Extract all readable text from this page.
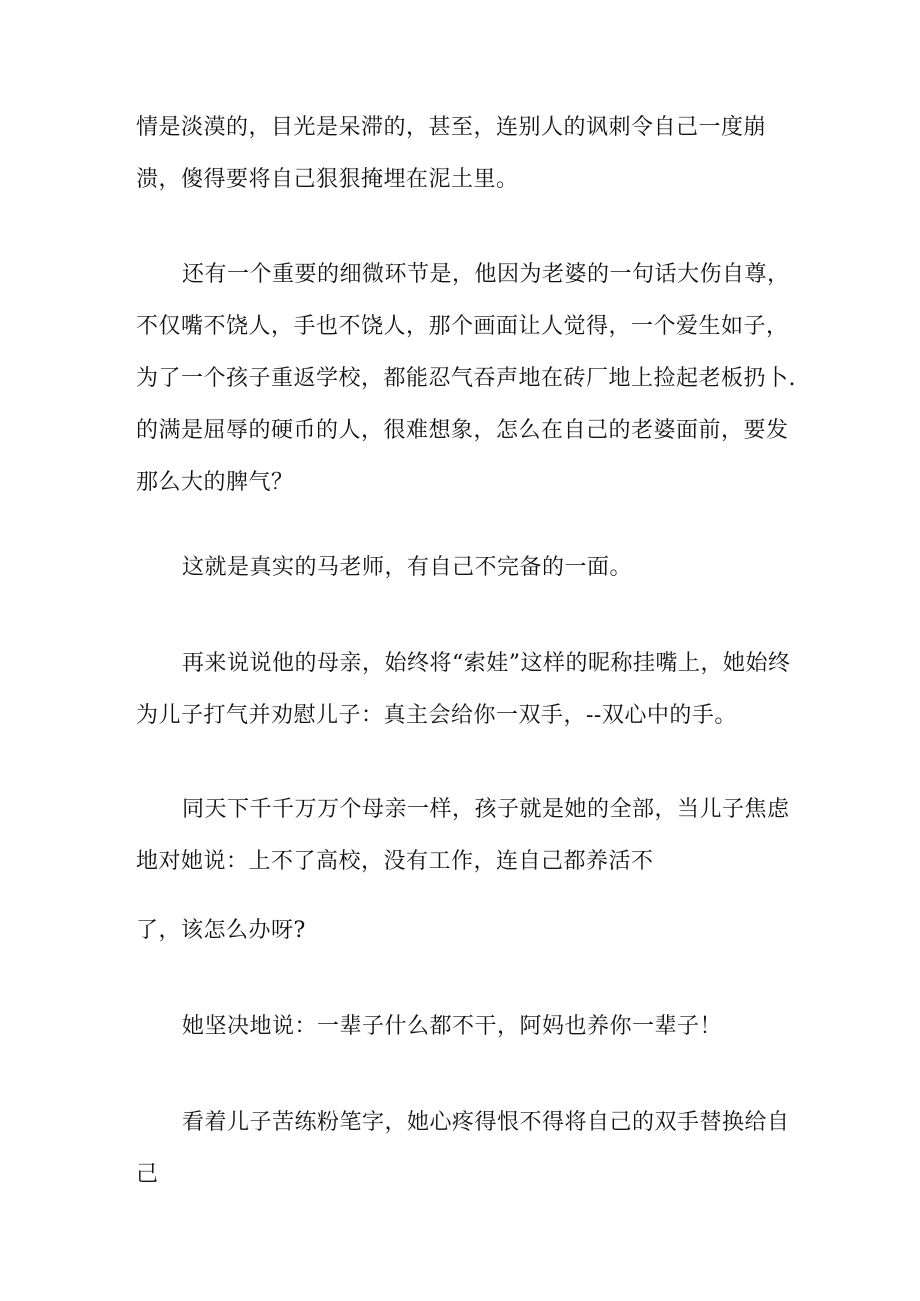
情是淡漠的，目光是呆滞的，甚至，连别人的讽刺令自己一度崩溃，傻得要将自己狠狠掩埋在泥土里。

还有一个重要的细微环节是，他因为老婆的一句话大伤自尊，不仅嘴不饶人，手也不饶人，那个画面让人觉得，一个爱生如子，为了一个孩子重返学校，都能忍气吞声地在砖厂地上捡起老板扔卜.的满是屈辱的硬币的人，很难想象，怎么在自己的老婆面前，要发那么大的脾气？

这就是真实的马老师，有自己不完备的一面。

再来说说他的母亲，始终将“索娃”这样的昵称挂嘴上，她始终为儿子打气并劝慰儿子：真主会给你一双手，--双心中的手。

同天下千千万万个母亲一样，孩子就是她的全部，当儿子焦虑地对她说：上不了高校，没有工作，连自己都养活不

了，该怎么办呀?

她坚决地说：一辈子什么都不干，阿妈也养你一辈子！

看着儿子苦练粉笔字，她心疼得恨不得将自己的双手替换给自己
